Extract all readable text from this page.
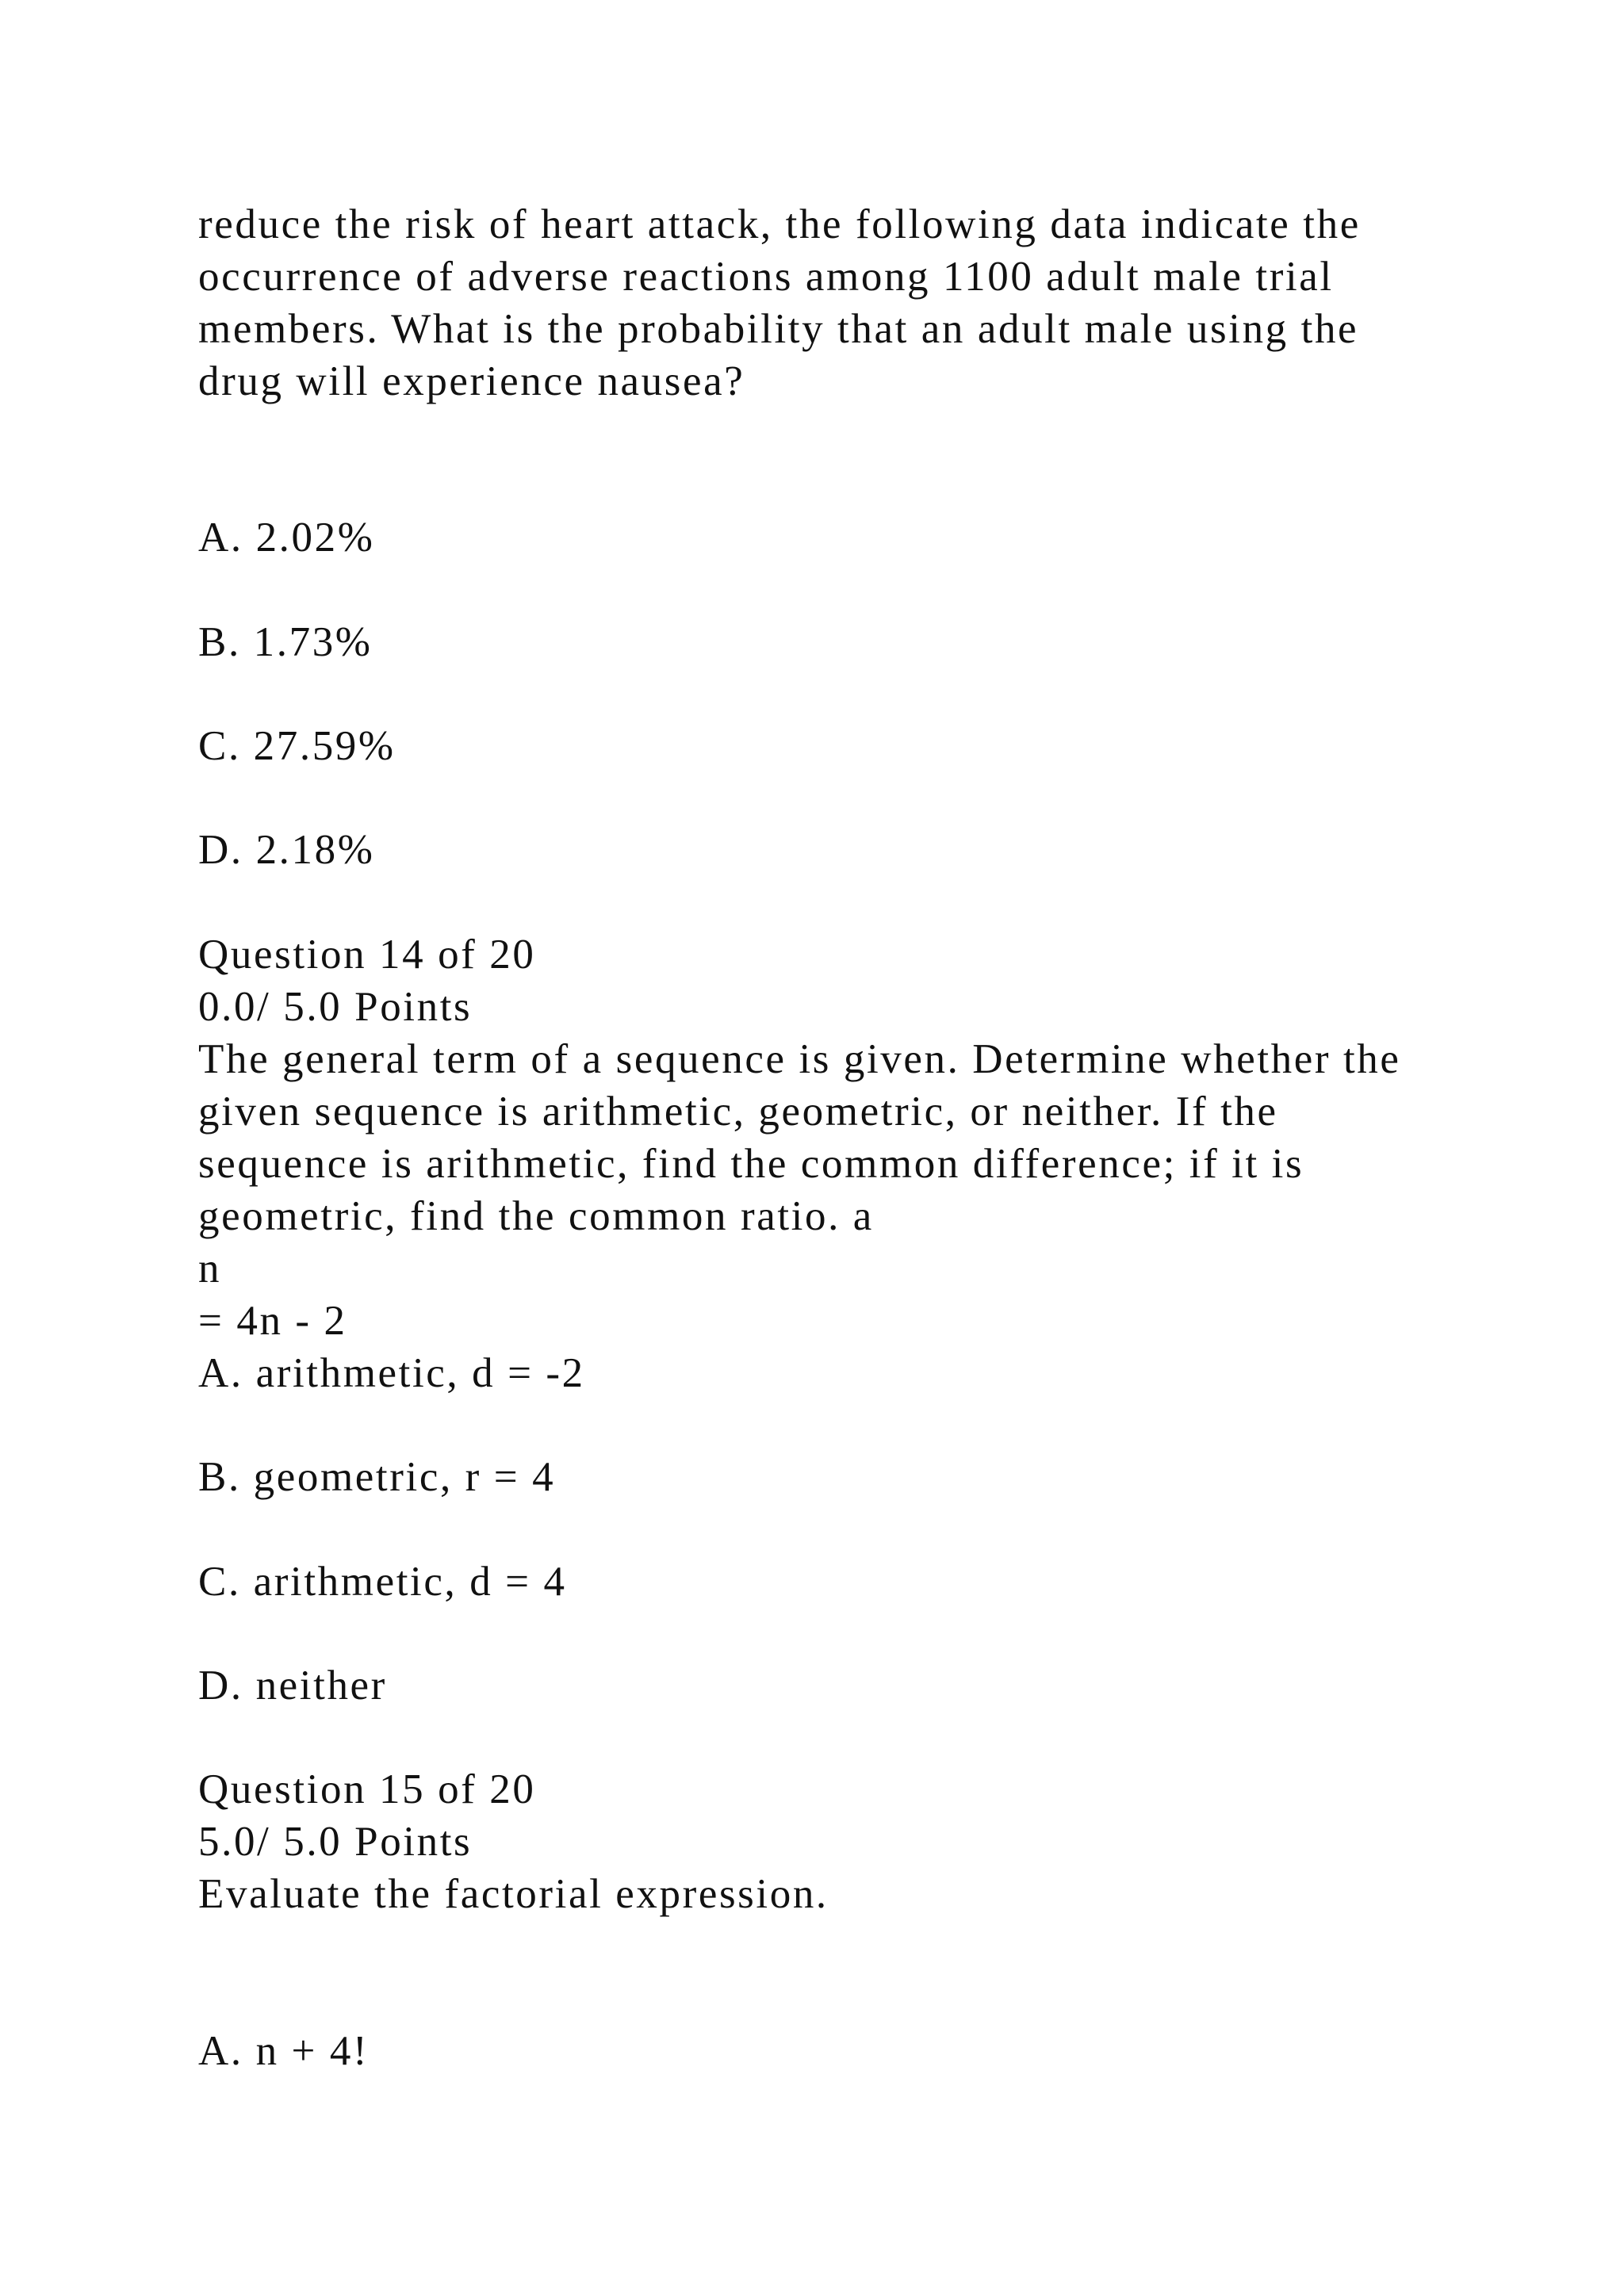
reduce the risk of heart attack, the following data indicate the

occurrence of adverse reactions among 1100 adult male trial

members. What is the probability that an adult male using the

drug will experience nausea?

A. 2.02%

B. 1.73%

C. 27.59%

D. 2.18%

Question 14 of 20

0.0/ 5.0 Points

The general term of a sequence is given. Determine whether the

given sequence is arithmetic, geometric, or neither. If the

sequence is arithmetic, find the common difference; if it is

geometric, find the common ratio. a

n

= 4n - 2

A. arithmetic, d = -2

B. geometric, r = 4

C. arithmetic, d = 4

D. neither

Question 15 of 20

5.0/ 5.0 Points

Evaluate the factorial expression.

A. n + 4!
